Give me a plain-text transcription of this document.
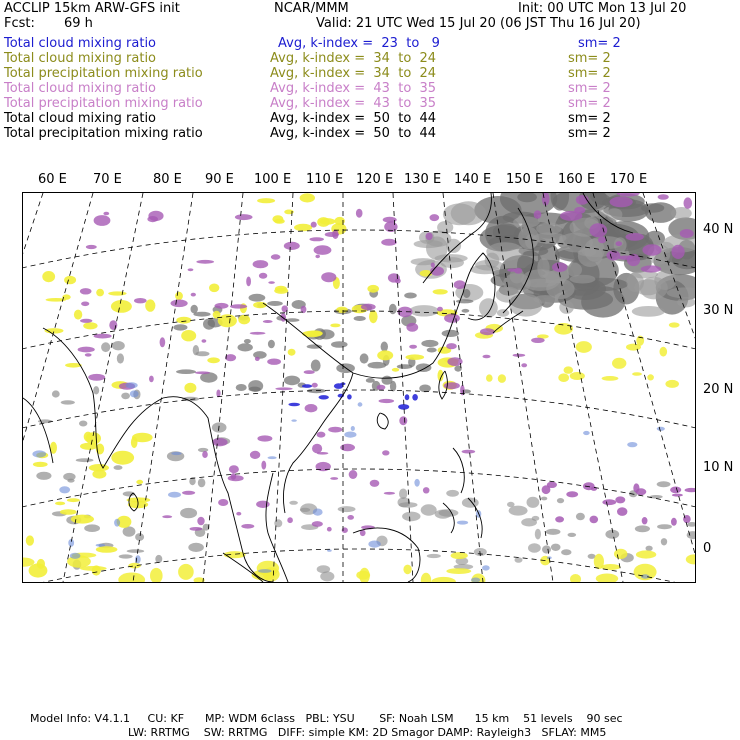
ACCLIP 15km ARW-GFS init	NCAR/MMM	Init: 00 UTC Mon 13 Jul 20
Fcst: 69 h	Valid: 21 UTC Wed 15 Jul 20 (06 JST Thu 16 Jul 20)
Total cloud mixing ratio	Avg, k-index =  23  to   9	sm= 2
Total cloud mixing ratio	Avg, k-index =  34  to  24	sm= 2
Total precipitation mixing ratio	Avg, k-index =  34  to  24	sm= 2
Total cloud mixing ratio	Avg, k-index =  43  to  35	sm= 2
Total precipitation mixing ratio	Avg, k-index =  43  to  35	sm= 2
Total cloud mixing ratio	Avg, k-index =  50  to  44	sm= 2
Total precipitation mixing ratio	Avg, k-index =  50  to  44	sm= 2
60 E 70 E 80 E 90 E 100 E 110 E 120 E 130 E 140 E 150 E 160 E 170 E
40 N
30 N
20 N
10 N
0
Model Info: V4.1.1     CU: KF      MP: WDM 6class   PBL: YSU       SF: Noah LSM      15 km    51 levels    90 sec
LW: RRTMG    SW: RRTMG   DIFF: simple KM: 2D Smagor DAMP: Rayleigh3   SFLAY: MM5
